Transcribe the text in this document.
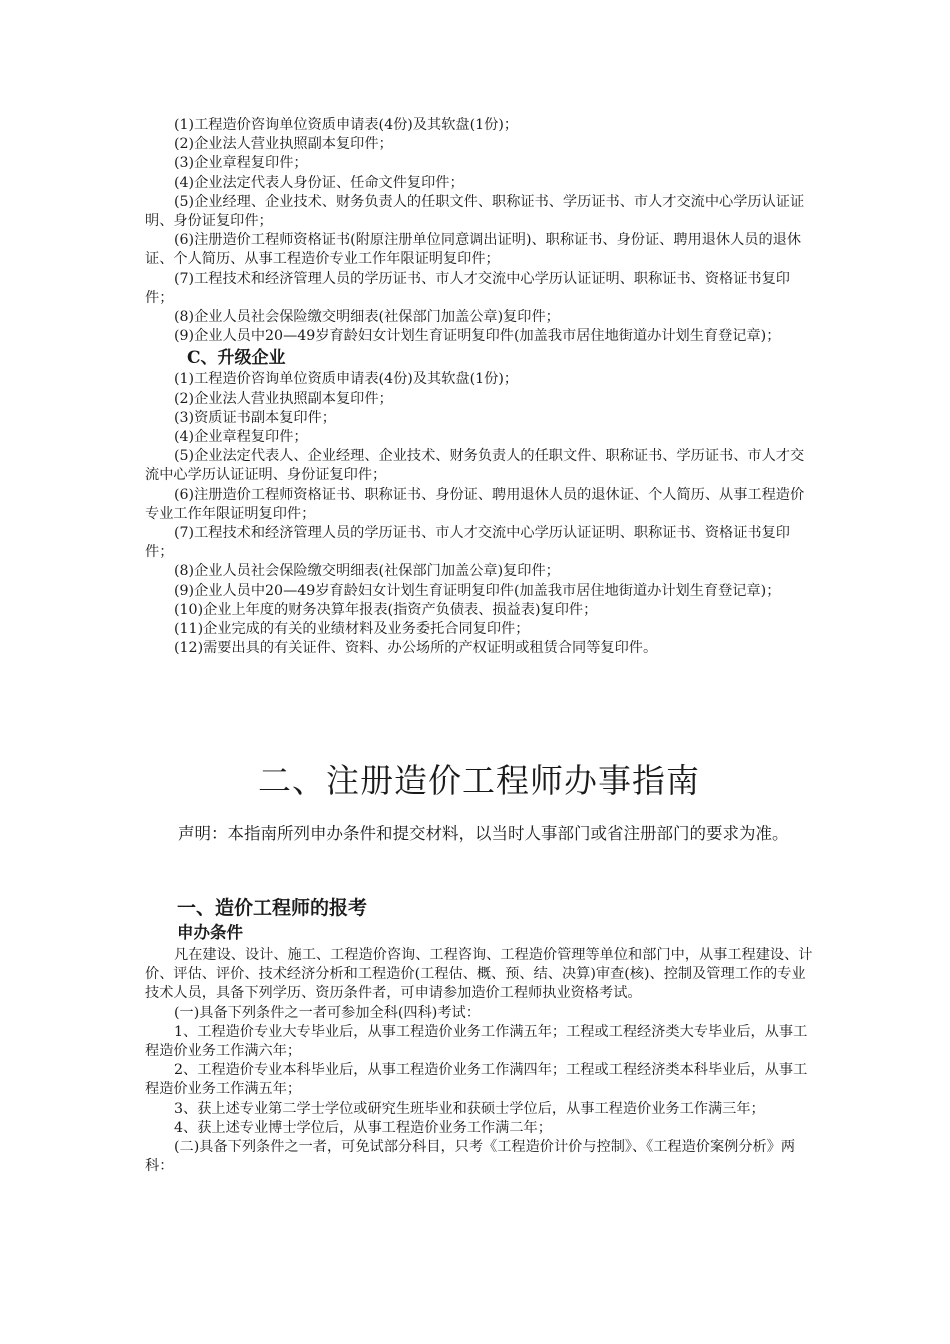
(1)工程造价咨询单位资质申请表(4份)及其软盘(1份)；

(2)企业法人营业执照副本复印件；

(3)企业章程复印件；

(4)企业法定代表人身份证、任命文件复印件；

(5)企业经理、企业技术、财务负责人的任职文件、职称证书、学历证书、市人才交流中心学历认证证明、身份证复印件；

(6)注册造价工程师资格证书(附原注册单位同意调出证明)、职称证书、身份证、聘用退休人员的退休证、个人简历、从事工程造价专业工作年限证明复印件；

(7)工程技术和经济管理人员的学历证书、市人才交流中心学历认证证明、职称证书、资格证书复印件；

(8)企业人员社会保险缴交明细表(社保部门加盖公章)复印件；

(9)企业人员中20—49岁育龄妇女计划生育证明复印件(加盖我市居住地街道办计划生育登记章)；

C、升级企业

(1)工程造价咨询单位资质申请表(4份)及其软盘(1份)；

(2)企业法人营业执照副本复印件；

(3)资质证书副本复印件；

(4)企业章程复印件；

(5)企业法定代表人、企业经理、企业技术、财务负责人的任职文件、职称证书、学历证书、市人才交流中心学历认证证明、身份证复印件；

(6)注册造价工程师资格证书、职称证书、身份证、聘用退休人员的退休证、个人简历、从事工程造价专业工作年限证明复印件；

(7)工程技术和经济管理人员的学历证书、市人才交流中心学历认证证明、职称证书、资格证书复印件；

(8)企业人员社会保险缴交明细表(社保部门加盖公章)复印件；

(9)企业人员中20—49岁育龄妇女计划生育证明复印件(加盖我市居住地街道办计划生育登记章)；

(10)企业上年度的财务决算年报表(指资产负债表、损益表)复印件；

(11)企业完成的有关的业绩材料及业务委托合同复印件；

(12)需要出具的有关证件、资料、办公场所的产权证明或租赁合同等复印件。

二、注册造价工程师办事指南

声明：本指南所列申办条件和提交材料，以当时人事部门或省注册部门的要求为准。

一、造价工程师的报考
申办条件

凡在建设、设计、施工、工程造价咨询、工程咨询、工程造价管理等单位和部门中，从事工程建设、计价、评估、评价、技术经济分析和工程造价(工程估、概、预、结、决算)审查(核)、控制及管理工作的专业技术人员，具备下列学历、资历条件者，可申请参加造价工程师执业资格考试。

(一)具备下列条件之一者可参加全科(四科)考试：

1、工程造价专业大专毕业后，从事工程造价业务工作满五年；工程或工程经济类大专毕业后，从事工程造价业务工作满六年；

2、工程造价专业本科毕业后，从事工程造价业务工作满四年；工程或工程经济类本科毕业后，从事工程造价业务工作满五年；

3、获上述专业第二学士学位或研究生班毕业和获硕士学位后，从事工程造价业务工作满三年；

4、获上述专业博士学位后，从事工程造价业务工作满二年；

(二)具备下列条件之一者，可免试部分科目，只考《工程造价计价与控制》、《工程造价案例分析》两科：
